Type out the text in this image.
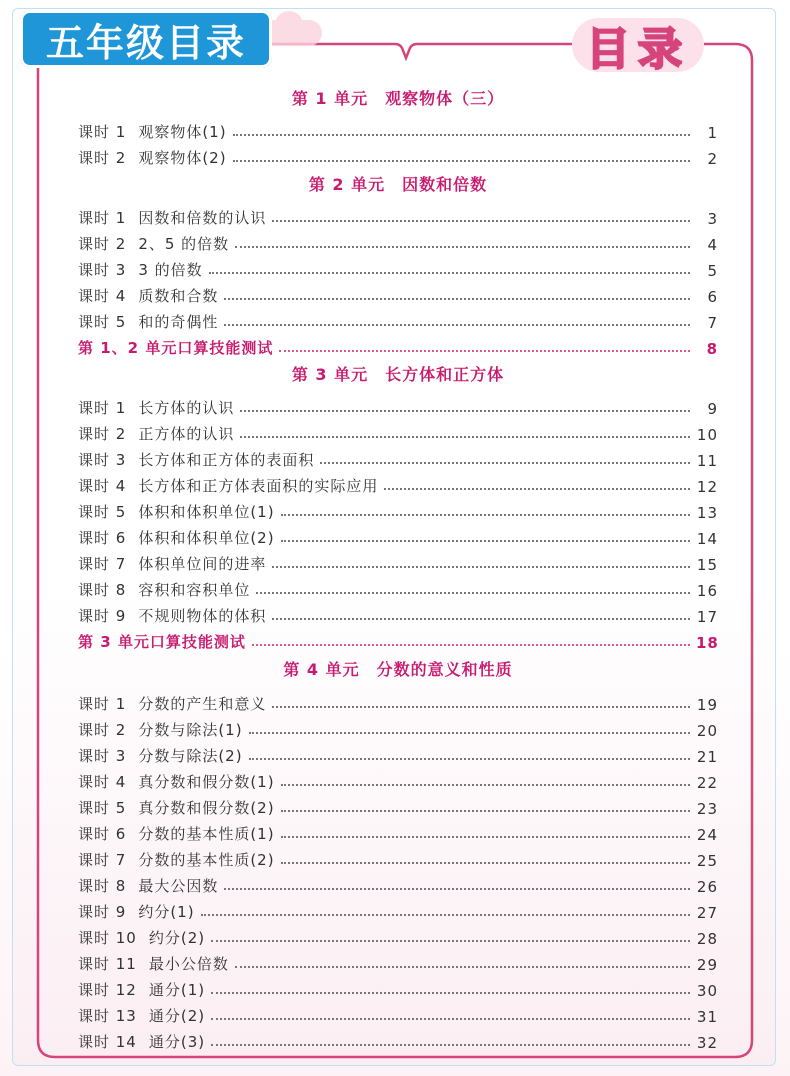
五年级目录	目录
第 1 单元　观察物体（三）
课时 1 观察物体(1)	1
课时 2 观察物体(2)	2
第 2 单元　因数和倍数
课时 1 因数和倍数的认识	3
课时 2 2、5 的倍数	4
课时 3 3 的倍数	5
课时 4 质数和合数	6
课时 5 和的奇偶性	7
第 1、2 单元口算技能测试	8
第 3 单元　长方体和正方体
课时 1 长方体的认识	9
课时 2 正方体的认识	10
课时 3 长方体和正方体的表面积	11
课时 4 长方体和正方体表面积的实际应用	12
课时 5 体积和体积单位(1)	13
课时 6 体积和体积单位(2)	14
课时 7 体积单位间的进率	15
课时 8 容积和容积单位	16
课时 9 不规则物体的体积	17
第 3 单元口算技能测试	18
第 4 单元　分数的意义和性质
课时 1 分数的产生和意义	19
课时 2 分数与除法(1)	20
课时 3 分数与除法(2)	21
课时 4 真分数和假分数(1)	22
课时 5 真分数和假分数(2)	23
课时 6 分数的基本性质(1)	24
课时 7 分数的基本性质(2)	25
课时 8 最大公因数	26
课时 9 约分(1)	27
课时 10 约分(2)	28
课时 11 最小公倍数	29
课时 12 通分(1)	30
课时 13 通分(2)	31
课时 14 通分(3)	32
